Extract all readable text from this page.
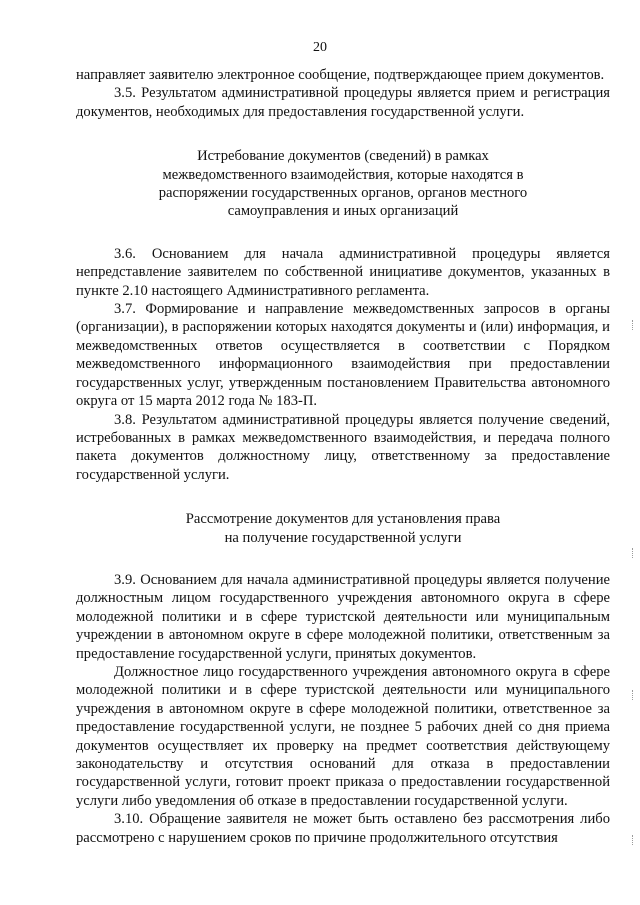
20

направляет заявителю электронное сообщение, подтверждающее прием документов.

3.5. Результатом административной процедуры является прием и регистрация документов, необходимых для предоставления государственной услуги.

Истребование документов (сведений) в рамках

межведомственного взаимодействия, которые находятся в

распоряжении государственных органов, органов местного

самоуправления и иных организаций

3.6. Основанием для начала административной процедуры является непредставление заявителем по собственной инициативе документов, указанных в пункте 2.10 настоящего Административного регламента.

3.7. Формирование и направление межведомственных запросов в органы (организации), в распоряжении которых находятся документы и (или) информация, и межведомственных ответов осуществляется в соответствии с Порядком межведомственного информационного взаимодействия при предоставлении государственных услуг, утвержденным постановлением Правительства автономного округа от 15 марта 2012 года № 183-П.

3.8. Результатом административной процедуры является получение сведений, истребованных в рамках межведомственного взаимодействия, и передача полного пакета документов должностному лицу, ответственному за предоставление государственной услуги.

Рассмотрение документов для установления права

на получение государственной услуги

3.9. Основанием для начала административной процедуры является получение должностным лицом государственного учреждения автономного округа в сфере молодежной политики и в сфере туристской деятельности или муниципальным учреждении в автономном округе в сфере молодежной политики, ответственным за предоставление государственной услуги, принятых документов.

Должностное лицо государственного учреждения автономного округа в сфере молодежной политики и в сфере туристской деятельности или муниципального учреждения в автономном округе в сфере молодежной политики, ответственное за предоставление государственной услуги, не позднее 5 рабочих дней со дня приема документов осуществляет их проверку на предмет соответствия действующему законодательству и отсутствия оснований для отказа в предоставлении государственной услуги, готовит проект приказа о предоставлении государственной услуги либо уведомления об отказе в предоставлении государственной услуги.

3.10. Обращение заявителя не может быть оставлено без рассмотрения либо рассмотрено с нарушением сроков по причине продолжительного отсутствия
